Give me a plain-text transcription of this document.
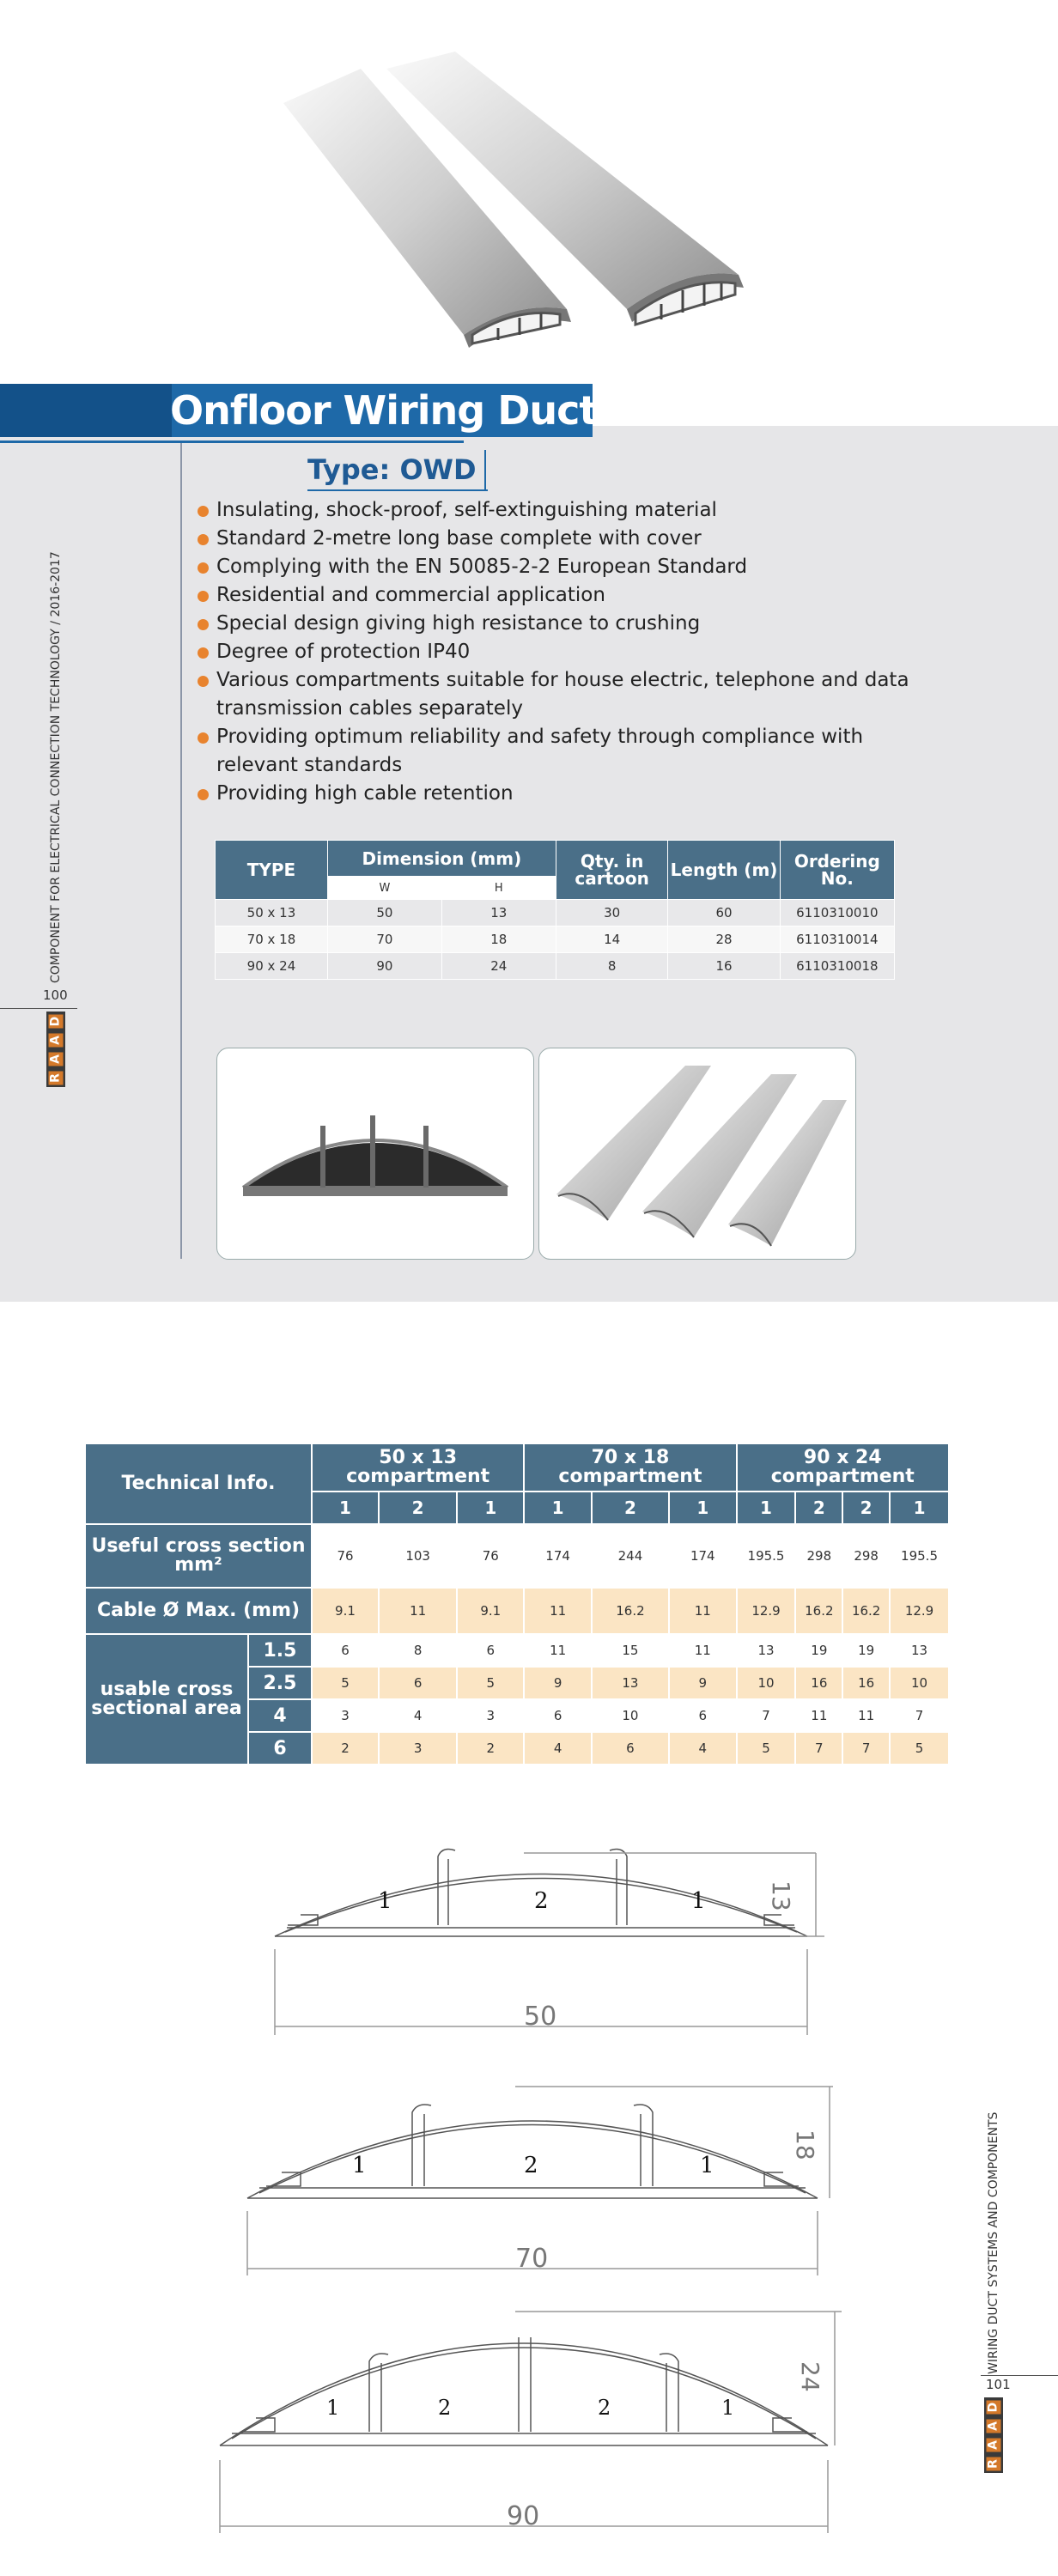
Onfloor Wiring Duct
Type: OWD
COMPONENT FOR ELECTRICAL CONNECTION TECHNOLOGY / 2016-2017
100
D
A
A
R
Insulating, shock-proof, self-extinguishing material
Standard 2-metre long base complete with cover
Complying with the EN 50085-2-2 European Standard
Residential and commercial application
Special design giving high resistance to crushing
Degree of protection IP40
Various compartments suitable for house electric, telephone and data transmission cables separately
Providing optimum reliability and safety through compliance with relevant standards
Providing high cable retention
TYPE	Dimension (mm)		Qty. in cartoon	Length (m)	Ordering No.
	W	H			
50 x 13	50	13	30	60	6110310010
70 x 18	70	18	14	28	6110310014
90 x 24	90	24	8	16	6110310018
Technical Info.		50 x 13 compartment			70 x 18 compartment			90 x 24 compartment			
		1	2	1	1	2	1	1	2	2	1
Useful cross section mm²		76	103	76	174	244	174	195.5	298	298	195.5
Cable Ø Max. (mm)		9.1	11	9.1	11	16.2	11	12.9	16.2	16.2	12.9
usable cross sectional area	1.5	6	8	6	11	15	11	13	19	19	13
	2.5	5	6	5	9	13	9	10	16	16	10
	4	3	4	3	6	10	6	7	11	11	7
	6	2	3	2	4	6	4	5	7	7	5
1	2	1
50
13
1	2	1
70
18
1	2	2	1
90
24
WIRING DUCT SYSTEMS AND COMPONENTS
101
D
A
A
R
